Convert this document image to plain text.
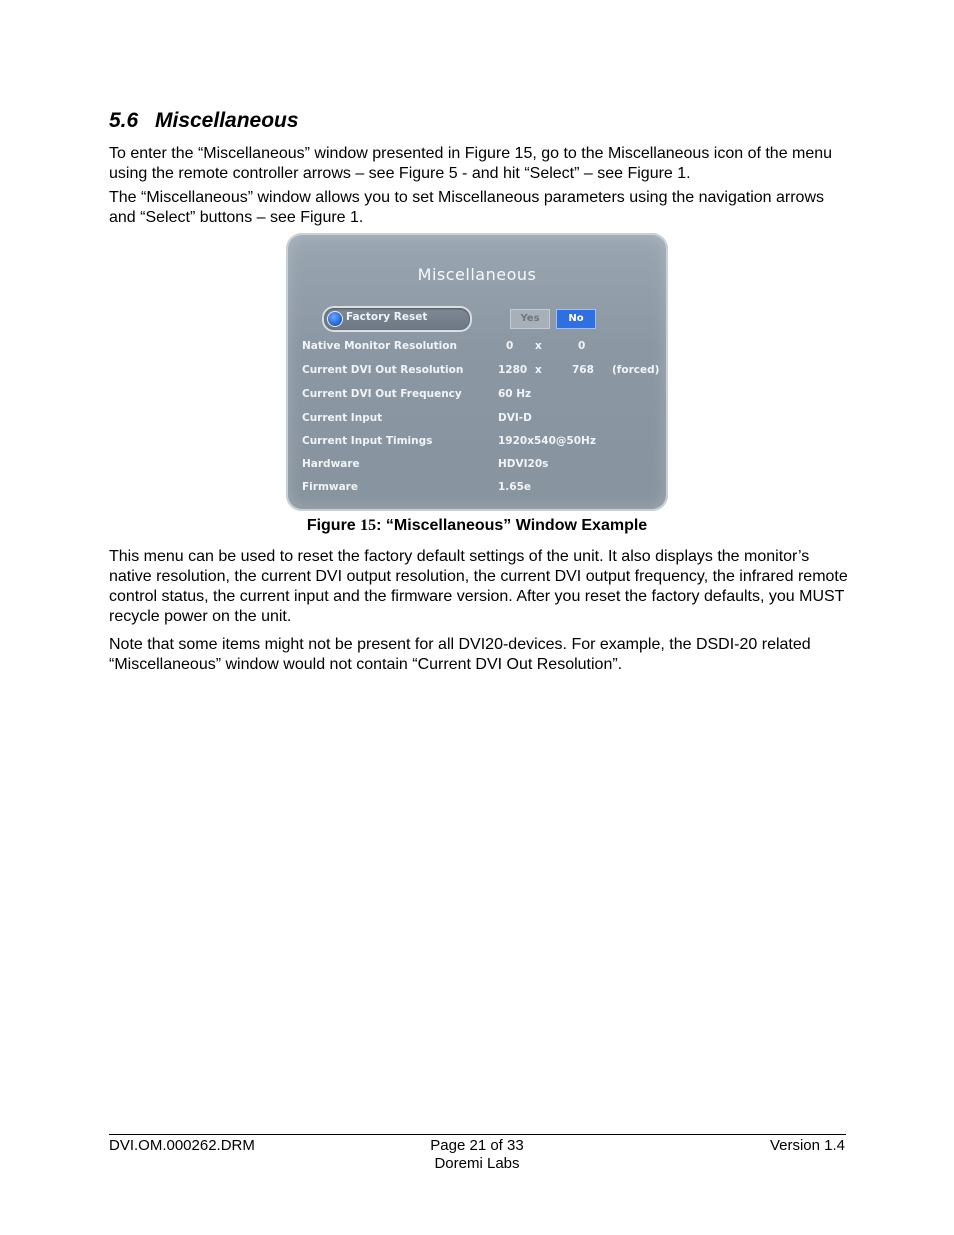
5.6 Miscellaneous

To enter the “Miscellaneous” window presented in Figure 15, go to the Miscellaneous icon of the menu using the remote controller arrows – see Figure 5 - and hit “Select” – see Figure 1.

The “Miscellaneous” window allows you to set Miscellaneous parameters using the navigation arrows and “Select” buttons – see Figure 1.

Miscellaneous
Factory Reset	Yes	No
Native Monitor Resolution	0 x	0
Current DVI Out Resolution	1280 x	768 (forced)
Current DVI Out Frequency	60 Hz
Current Input	DVI-D
Current Input Timings	1920x540@50Hz
Hardware	HDVI20s
Firmware	1.65e

Figure 15: “Miscellaneous” Window Example

This menu can be used to reset the factory default settings of the unit. It also displays the monitor’s native resolution, the current DVI output resolution, the current DVI output frequency, the infrared remote control status, the current input and the firmware version. After you reset the factory defaults, you MUST recycle power on the unit.

Note that some items might not be present for all DVI20-devices. For example, the DSDI-20 related “Miscellaneous” window would not contain “Current DVI Out Resolution”.

DVI.OM.000262.DRM	Page 21 of 33
Doremi Labs
Version 1.4
